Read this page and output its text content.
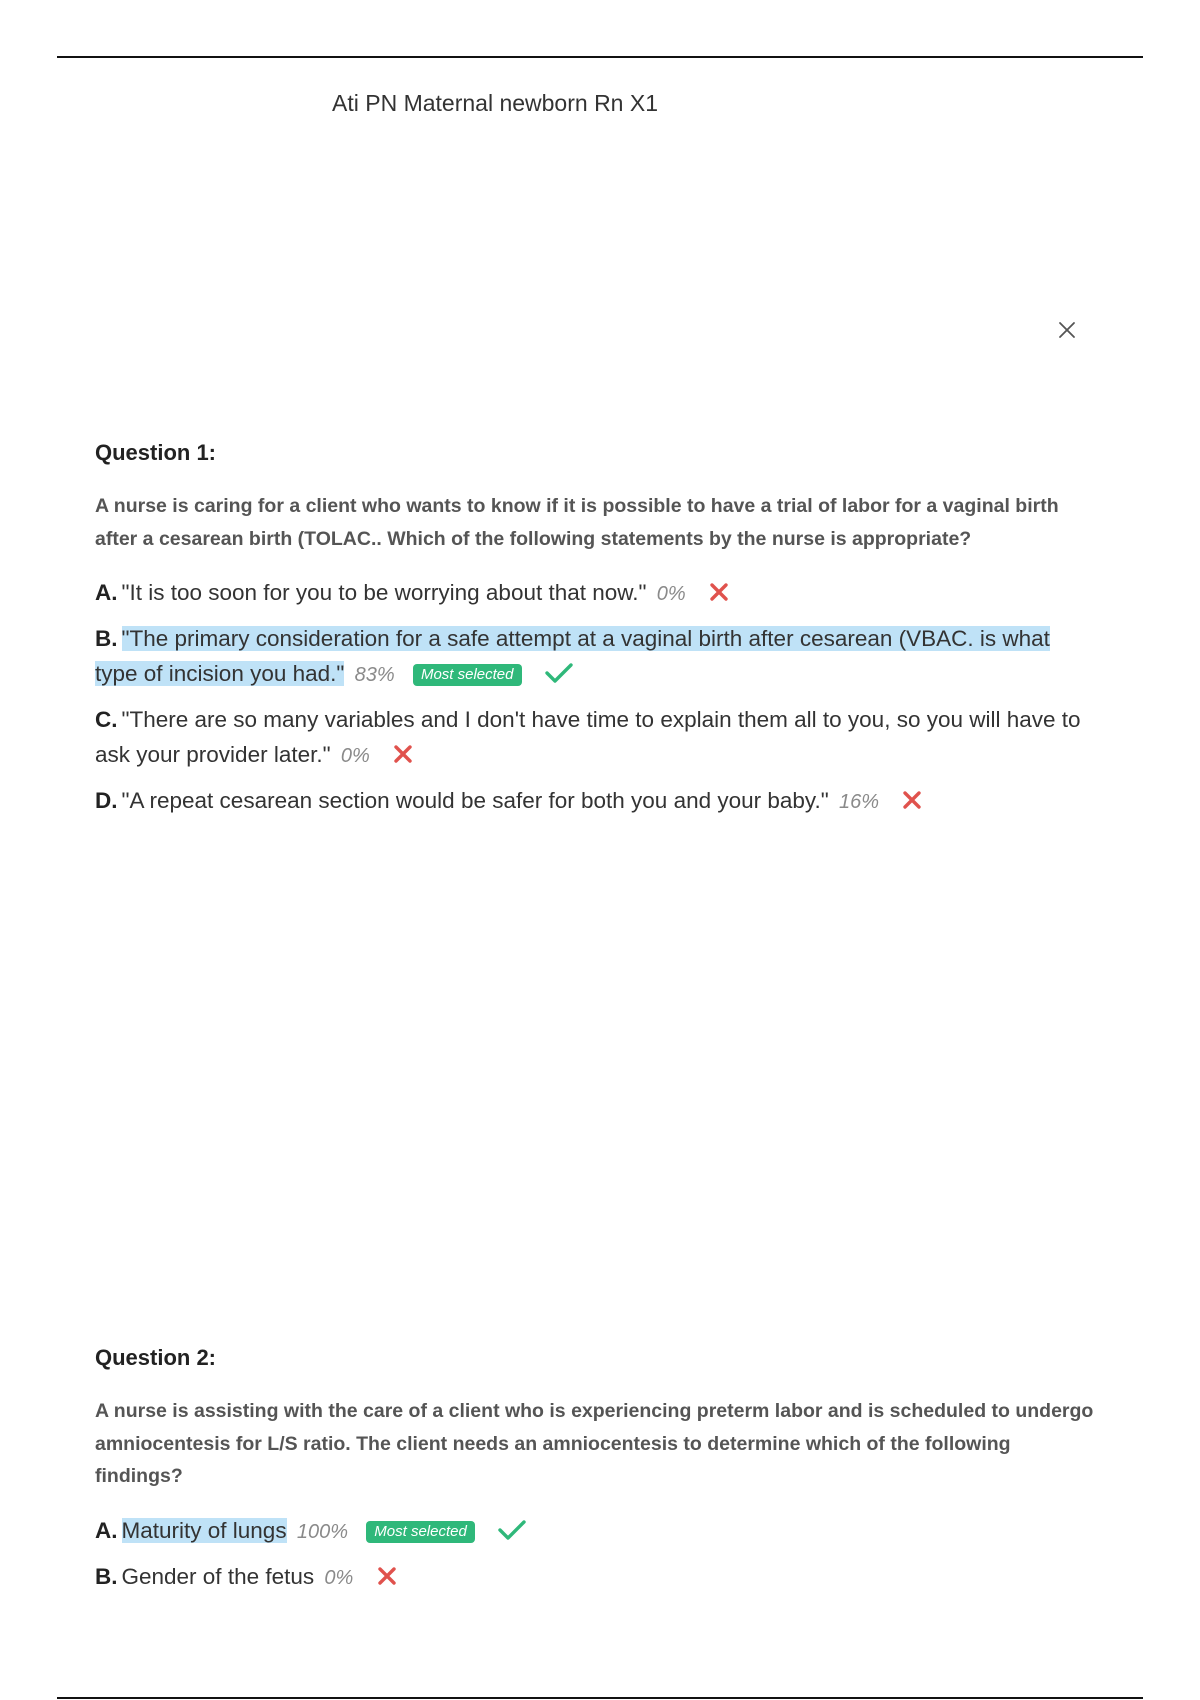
Ati PN Maternal newborn Rn X1
Question 1:

A nurse is caring for a client who wants to know if it is possible to have a trial of labor for a vaginal birth after a cesarean birth (TOLAC.. Which of the following statements by the nurse is appropriate?

A. "It is too soon for you to be worrying about that now." 0%
B. "The primary consideration for a safe attempt at a vaginal birth after cesarean (VBAC. is what type of incision you had." 83% Most selected
C. "There are so many variables and I don't have time to explain them all to you, so you will have to ask your provider later." 0%
D. "A repeat cesarean section would be safer for both you and your baby." 16%
Question 2:

A nurse is assisting with the care of a client who is experiencing preterm labor and is scheduled to undergo amniocentesis for L/S ratio. The client needs an amniocentesis to determine which of the following findings?

A. Maturity of lungs 100% Most selected
B. Gender of the fetus 0%
